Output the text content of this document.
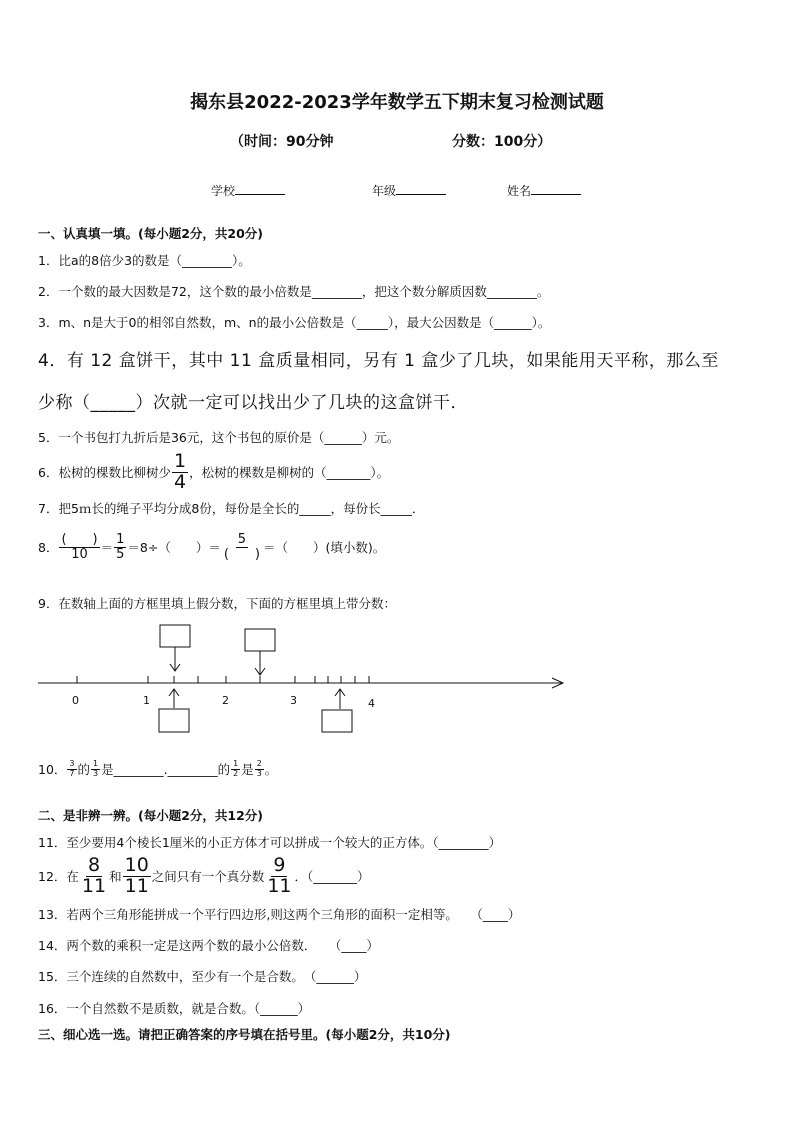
揭东县2022-2023学年数学五下期末复习检测试题
（时间：90分钟	分数：100分）
学校	年级	姓名
一、认真填一填。(每小题2分，共20分)
1．比a的8倍少3的数是（________）。
2．一个数的最大因数是72，这个数的最小倍数是________，把这个数分解质因数________。
3．m、n是大于0的相邻自然数，m、n的最小公倍数是（_____），最大公因数是（______）。
4．有 12 盒饼干，其中 11 盒质量相同，另有 1 盒少了几块，如果能用天平称，那么至
少称（_____）次就一定可以找出少了几块的这盒饼干．
5．一个书包打九折后是36元，这个书包的原价是（______）元。
6．松树的棵数比柳树少 $\frac{1}{4}$ ，松树的棵数是柳树的（_______）。
7．把5ｍ长的绳子平均分成8份，每份是全长的_____，每份长_____．
8． $\frac{( )}{10} = \frac{1}{5} =8\div$（　　）＝ $\frac{5}{( )}$ ＝（　　）(填小数)。
9．在数轴上面的方框里填上假分数，下面的方框里填上带分数：
0	1	2	3	4
10． $\frac{3}{7}$ 的 $\frac{1}{3}$ 是________.________的 $\frac{1}{2}$ 是 $\frac{2}{3}$ 。
二、是非辨一辨。(每小题2分，共12分)
11．至少要用4个棱长1厘米的小正方体才可以拼成一个较大的正方体。（________）
12．在 $\frac{8}{11}$ 和 $\frac{10}{11}$ 之间只有一个真分数 $\frac{9}{11}$ ．（_______）
13．若两个三角形能拼成一个平行四边形,则这两个三角形的面积一定相等。　　（____）
14．两个数的乘积一定是这两个数的最小公倍数．　　（____）
15．三个连续的自然数中，至少有一个是合数。　（______）
16．一个自然数不是质数，就是合数。（______）
三、细心选一选。请把正确答案的序号填在括号里。(每小题2分，共10分)
